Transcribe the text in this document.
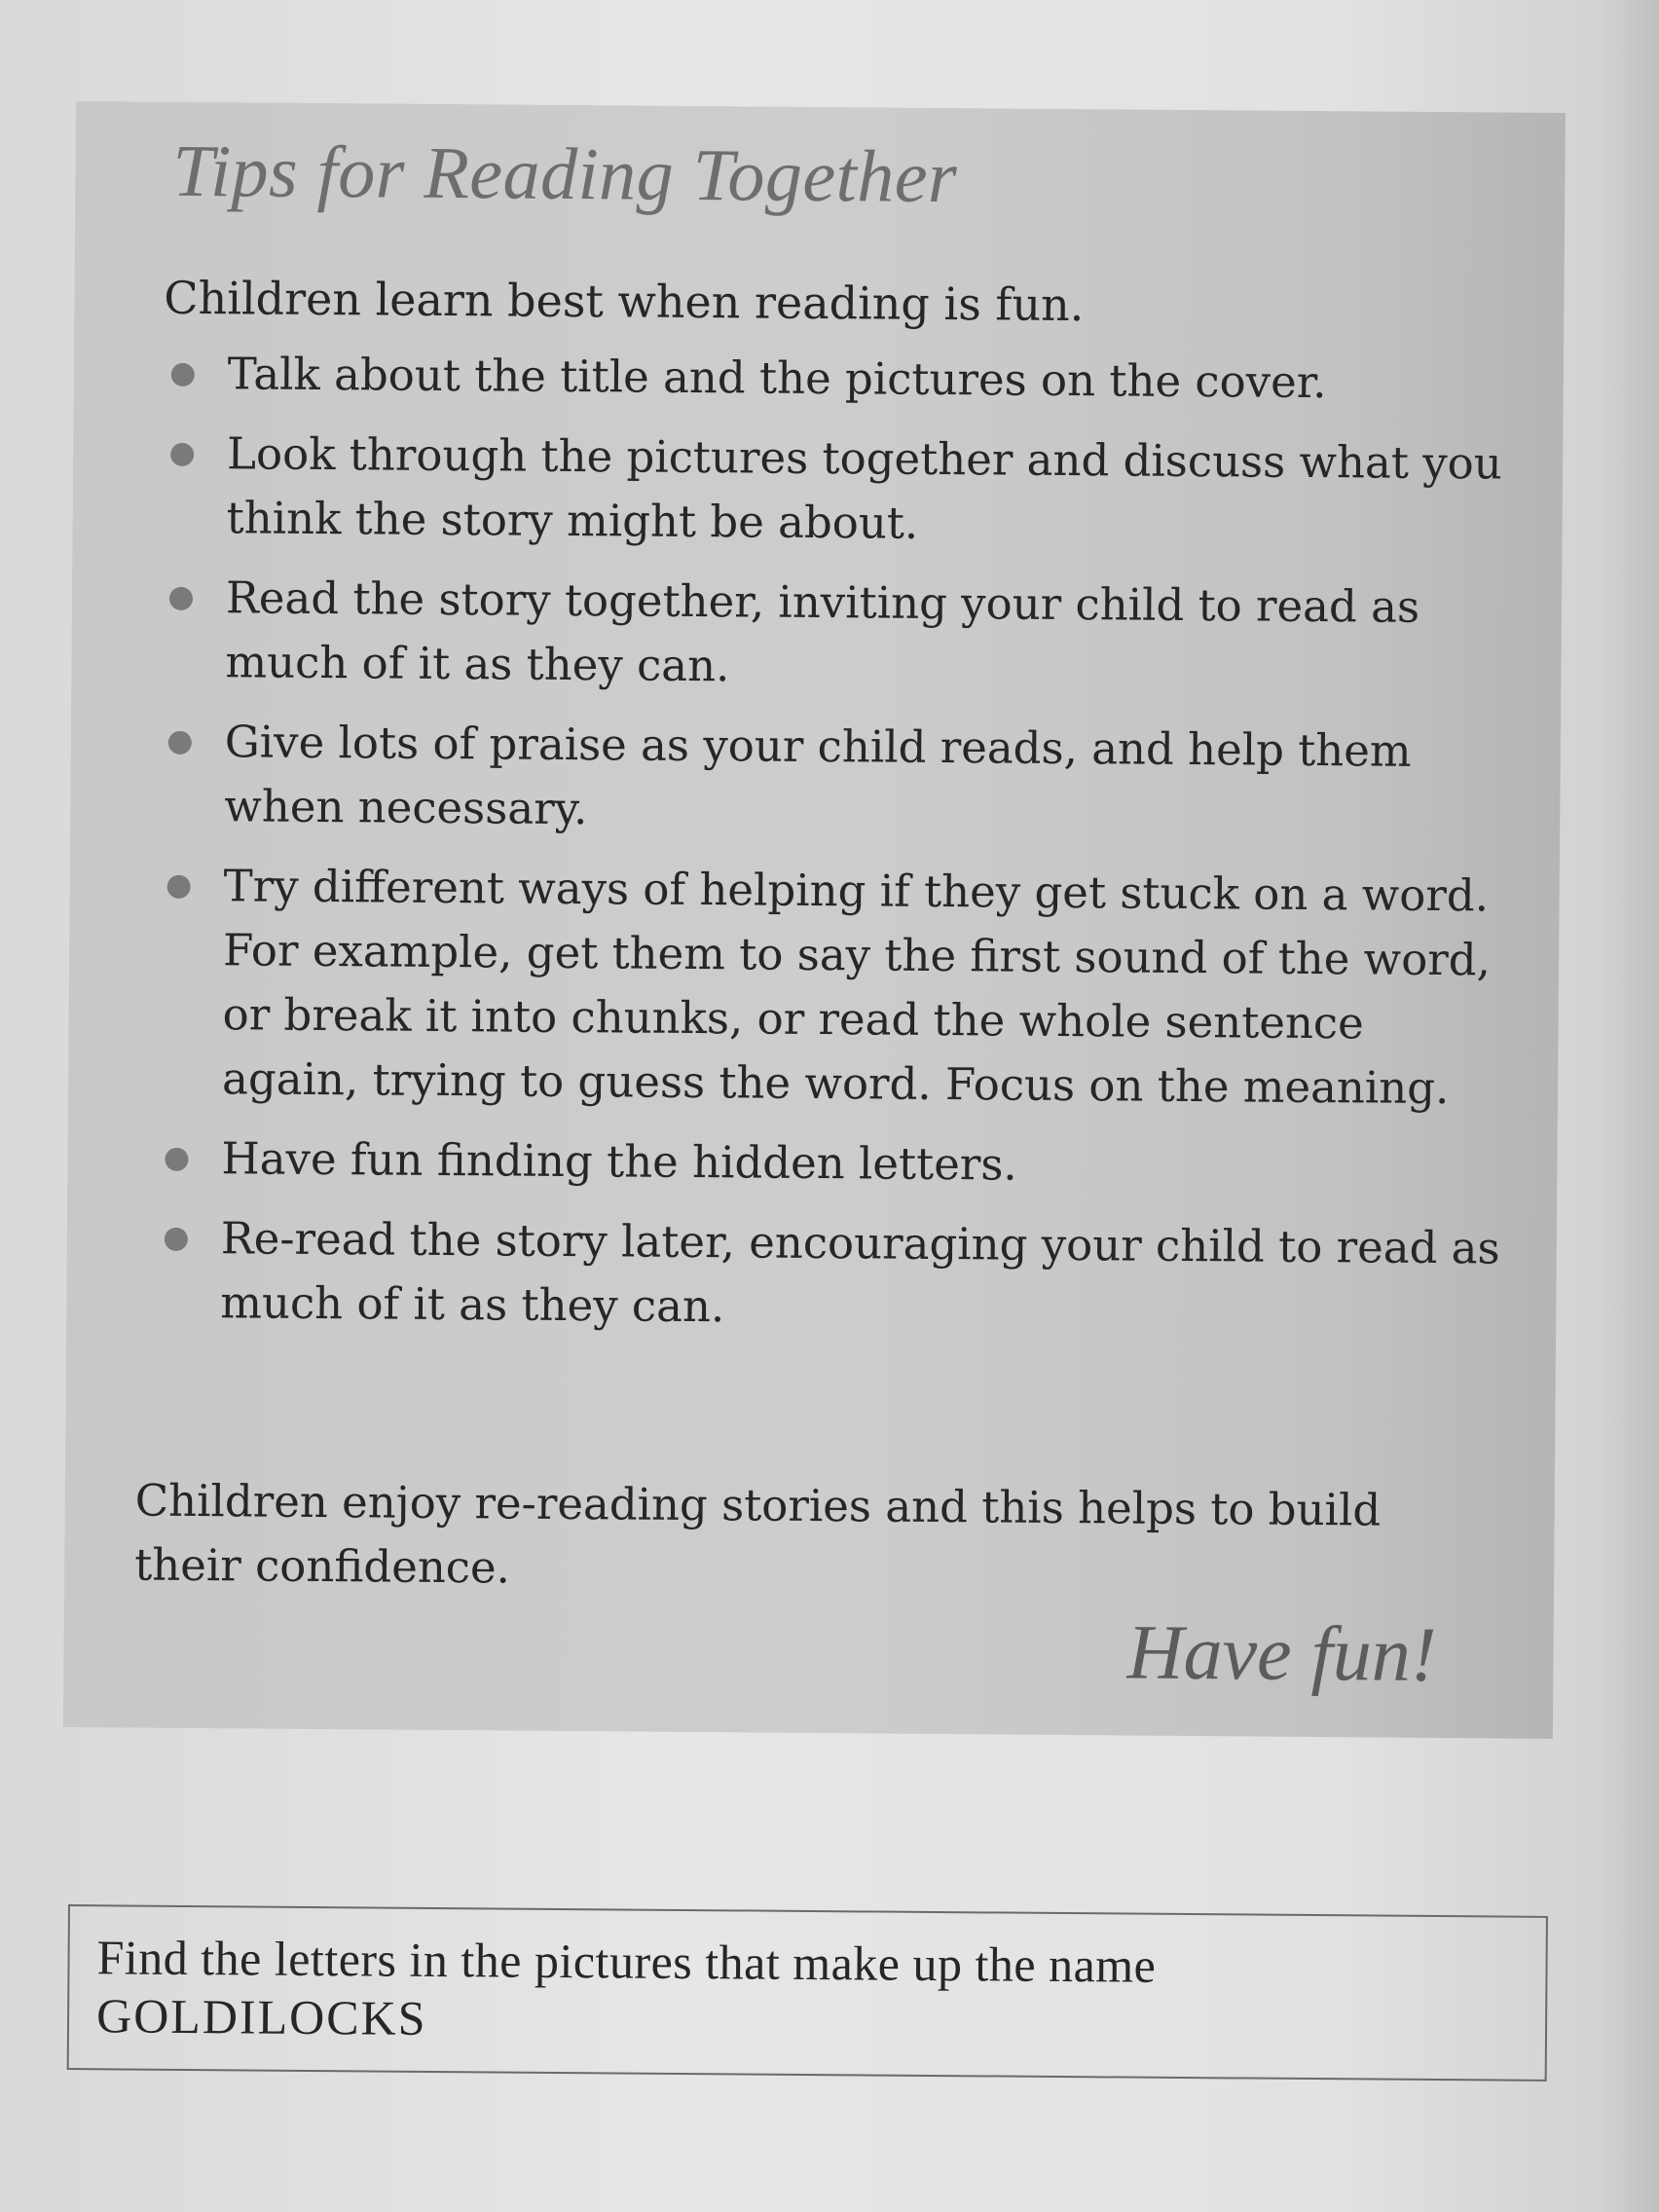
Tips for Reading Together

Children learn best when reading is fun.

Talk about the title and the pictures on the cover.
Look through the pictures together and discuss what you think the story might be about.
Read the story together, inviting your child to read as much of it as they can.
Give lots of praise as your child reads, and help them when necessary.
Try different ways of helping if they get stuck on a word. For example, get them to say the first sound of the word, or break it into chunks, or read the whole sentence again, trying to guess the word. Focus on the meaning.
Have fun finding the hidden letters.
Re-read the story later, encouraging your child to read as much of it as they can.

Children enjoy re-reading stories and this helps to build their confidence.

Have fun!

Find the letters in the pictures that make up the name
GOLDILOCKS
